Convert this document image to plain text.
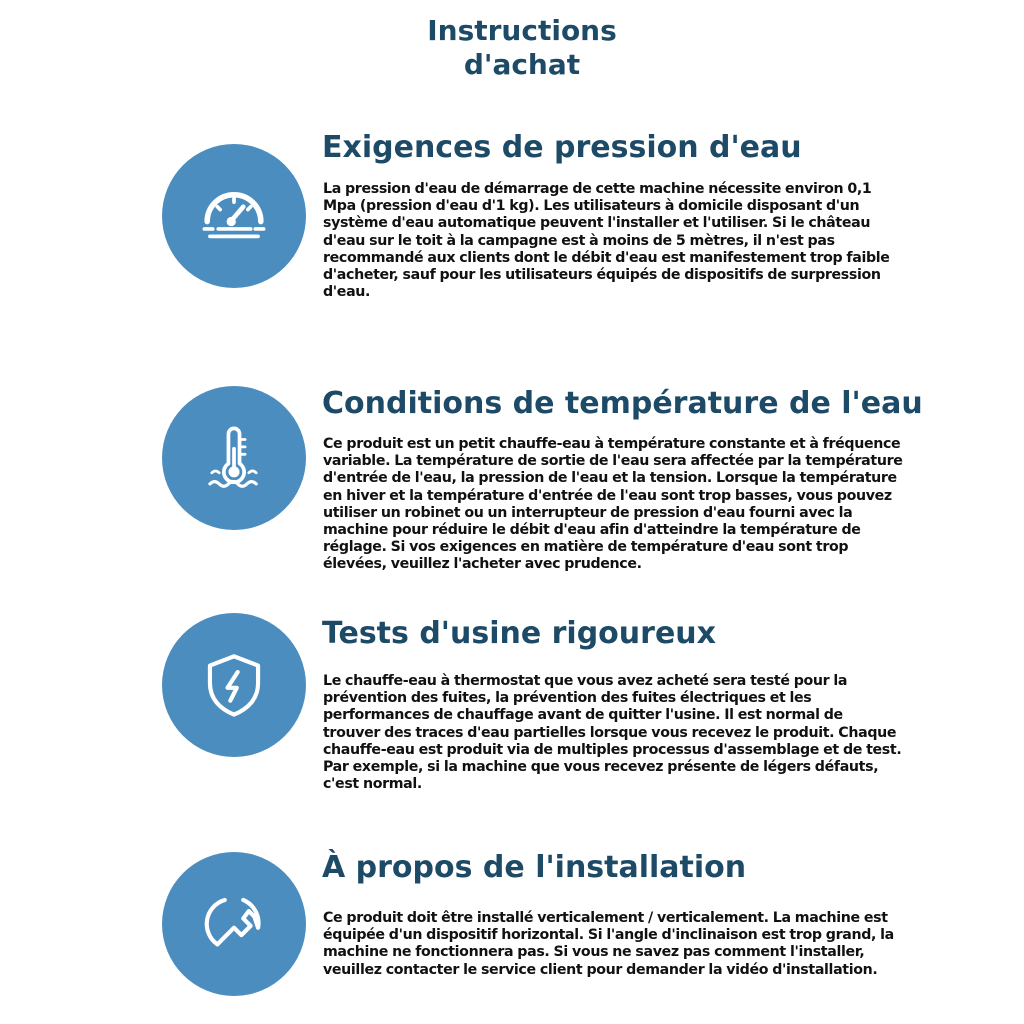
Instructions
d'achat
Exigences de pression d'eau

La pression d'eau de démarrage de cette machine nécessite environ 0,1 Mpa (pression d'eau d'1 kg). Les utilisateurs à domicile disposant d'un système d'eau automatique peuvent l'installer et l'utiliser. Si le château d'eau sur le toit à la campagne est à moins de 5 mètres, il n'est pas recommandé aux clients dont le débit d'eau est manifestement trop faible d'acheter, sauf pour les utilisateurs équipés de dispositifs de surpression d'eau.

Conditions de température de l'eau

Ce produit est un petit chauffe-eau à température constante et à fréquence variable. La température de sortie de l'eau sera affectée par la température d'entrée de l'eau, la pression de l'eau et la tension. Lorsque la température en hiver et la température d'entrée de l'eau sont trop basses, vous pouvez utiliser un robinet ou un interrupteur de pression d'eau fourni avec la machine pour réduire le débit d'eau afin d'atteindre la température de réglage. Si vos exigences en matière de température d'eau sont trop élevées, veuillez l'acheter avec prudence.

Tests d'usine rigoureux

Le chauffe-eau à thermostat que vous avez acheté sera testé pour la prévention des fuites, la prévention des fuites électriques et les performances de chauffage avant de quitter l'usine. Il est normal de trouver des traces d'eau partielles lorsque vous recevez le produit. Chaque chauffe-eau est produit via de multiples processus d'assemblage et de test. Par exemple, si la machine que vous recevez présente de légers défauts, c'est normal.

À propos de l'installation

Ce produit doit être installé verticalement / verticalement. La machine est équipée d'un dispositif horizontal. Si l'angle d'inclinaison est trop grand, la machine ne fonctionnera pas. Si vous ne savez pas comment l'installer, veuillez contacter le service client pour demander la vidéo d'installation.
